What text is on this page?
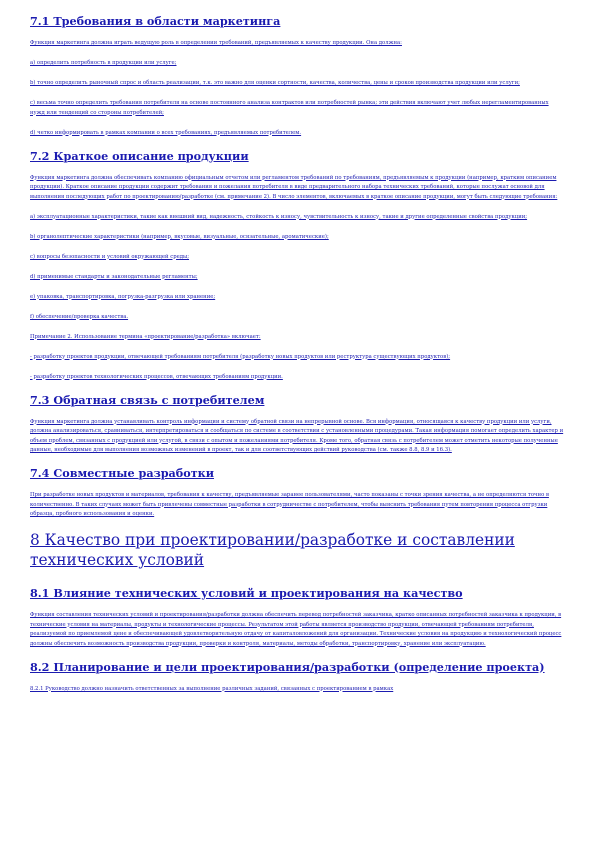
7.1 Требования в области маркетинга
Функция маркетинга должна играть ведущую роль в определении требований, предъявляемых к качеству продукции. Она должна:
а) определить потребность в продукции или услуге;
b) точно определить рыночный спрос и область реализации, т.к. это важно для оценки сортности, качества, количества, цены и сроков производства продукции или услуги;
c) весьма точно определить требования потребителя на основе постоянного анализа контрактов или потребностей рынка; эти действия включают учет любых нерегламентированных нужд или тенденций со стороны потребителей;
d) четко информировать в рамках компании о всех требованиях, предъявляемых потребителем.
7.2 Краткое описание продукции
Функция маркетинга должна обеспечивать компанию официальным отчетом или регламентом требований по требованиям, предъявляемым к продукции (например, кратким описанием продукции). Краткое описание продукции содержит требования и пожелания потребителя в виде предварительного набора технических требований, которые послужат основой для выполнения последующих работ по проектированию/разработке (см. примечание 2). В число элементов, включаемых в краткое описание продукции, могут быть следующие требования:
а) эксплуатационные характеристики, такие как внешний вид, надежность, стойкость к износу, чувствительность к износу, такие и другие определенные свойства продукции;
b) органолептические характеристики (например, вкусовые, визуальные, осязательные, ароматические);
c) вопросы безопасности и условий окружающей среды;
d) применимые стандарты и законодательные регламенты;
e) упаковка, транспортировка, погрузка-разгрузка или хранение;
f) обеспечение/проверка качества.
Примечание 2. Использование термина «проектирование/разработка» включает:
- разработку проектов продукции, отвечающей требованиям потребителя (разработку новых продуктов или реструктура существующих продуктов);
- разработку проектов технологических процессов, отвечающих требованиям продукции.
7.3 Обратная связь с потребителем
Функция маркетинга должна устанавливать контроль информации и систему обратной связи на непрерывной основе. Вся информация, относящаяся к качеству продукции или услуги, должна анализироваться, сравниваться, интерпретироваться и сообщаться по системе в соответствии с установленными процедурами. Такая информация помогает определить характер и объем проблем, связанных с продукцией или услугой, в связи с опытом и пожеланиями потребителя. Кроме того, обратная связь с потребителем может отметить некоторые полученные данные, необходимые для выполнения возможных изменений в проект, так и для соответствующих действий руководства (см. также 8.8, 8.9 и 16.3).
7.4 Совместные разработки
При разработке новых продуктов и материалов, требования к качеству, предъявляемые заранее пользователями, часто показаны с точки зрения качества, а не определяются точно в количественно. В таких случаях может быть привлечены совместные разработки в сотрудничестве с потребителем, чтобы выяснить требования путем повторения процесса отгрузки образца, пробного использования и оценки.
8 Качество при проектировании/разработке и составлении технических условий
8.1 Влияние технических условий и проектирования на качество
Функция составления технических условий и проектирования/разработки должна обеспечить перевод потребностей заказчика, кратко описанных потребностей заказчика к продукции, в технические условия на материалы, продукты и технологические процессы. Результатом этой работы является производство продукции, отвечающей требованиям потребителя, реализуемой по приемлемой цене и обеспечивающей удовлетворительную отдачу от капиталовложений для организации. Технические условия на продукцию и технологический процесс должны обеспечить возможность производства продукции, проверки и контроля, материалы, методы обработки, транспортировку, хранение или эксплуатацию.
8.2 Планирование и цели проектирования/разработки (определение проекта)
8.2.1 Руководство должно назначить ответственных за выполнение различных заданий, связанных с проектированием в рамках
